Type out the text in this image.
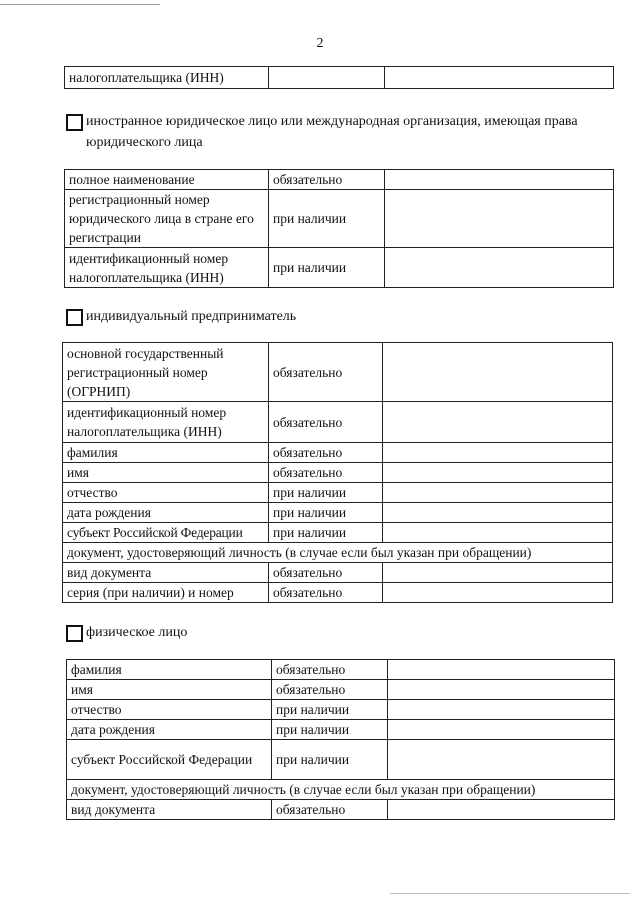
2
налогоплательщика (ИНН)		
иностранное юридическое лицо или международная организация, имеющая права юридического лица
полное наименование	обязательно	
регистрационный номер юридического лица в стране его регистрации	при наличии	
идентификационный номер налогоплательщика (ИНН)	при наличии	
индивидуальный предприниматель
основной государственный регистрационный номер (ОГРНИП)	обязательно	
идентификационный номер налогоплательщика (ИНН)	обязательно	
фамилия	обязательно	
имя	обязательно	
отчество	при наличии	
дата рождения	при наличии	
субъект Российской Федерации	при наличии	
документ, удостоверяющий личность (в случае если был указан при обращении)		
вид документа	обязательно	
серия (при наличии) и номер	обязательно	
физическое лицо
фамилия	обязательно	
имя	обязательно	
отчество	при наличии	
дата рождения	при наличии	
субъект Российской Федерации	при наличии	
документ, удостоверяющий личность (в случае если был указан при обращении)		
вид документа	обязательно	
